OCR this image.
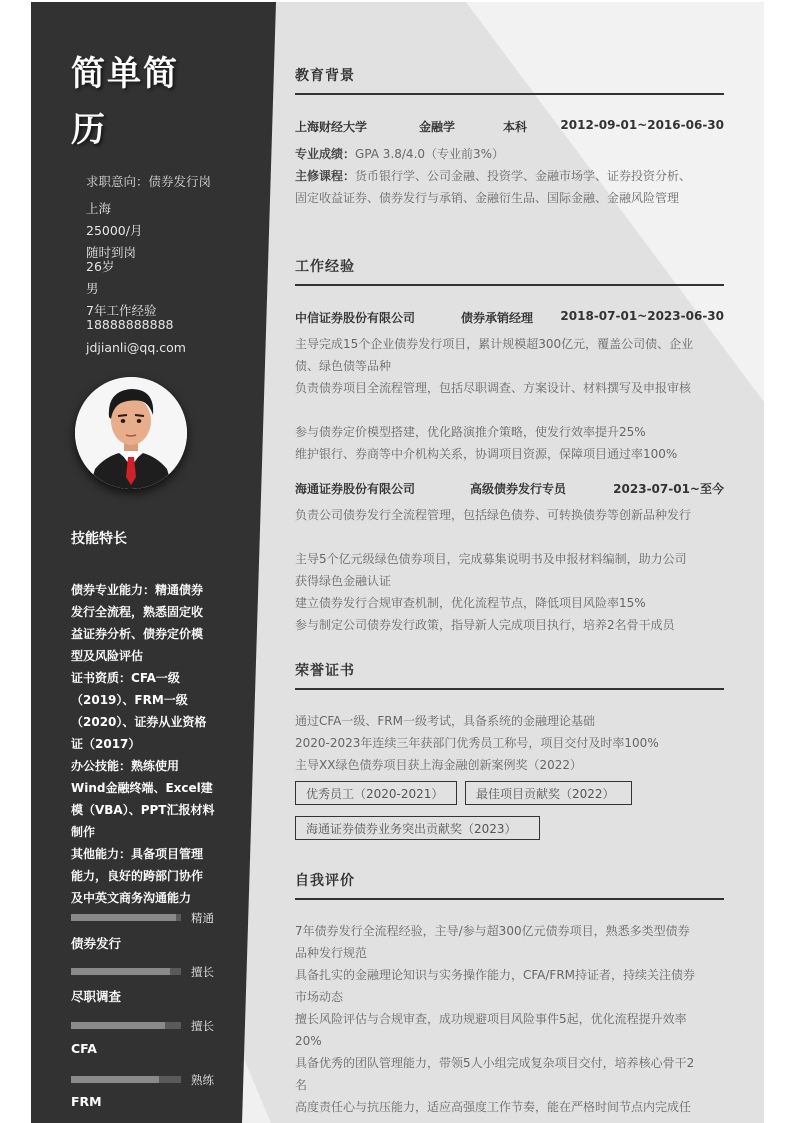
简单简
历
求职意向：债券发行岗
上海
25000/月
随时到岗
26岁
男
7年工作经验
18888888888
jdjianli@qq.com
技能特长
债券专业能力：精通债券
发行全流程，熟悉固定收
益证券分析、债券定价模
型及风险评估
证书资质：CFA一级
（2019）、FRM一级
（2020）、证券从业资格
证（2017）
办公技能：熟练使用
Wind金融终端、Excel建
模（VBA）、PPT汇报材料
制作
其他能力：具备项目管理
能力，良好的跨部门协作
及中英文商务沟通能力
精通
债券发行
擅长
尽职调查
擅长
CFA
熟练
FRM
教育背景
上海财经大学	金融学	本科	2012-09-01~2016-06-30
专业成绩：GPA 3.8/4.0（专业前3%）
主修课程：货币银行学、公司金融、投资学、金融市场学、证券投资分析、
固定收益证券、债券发行与承销、金融衍生品、国际金融、金融风险管理
工作经验
中信证券股份有限公司	债券承销经理 2018-07-01~2023-06-30
主导完成15个企业债券发行项目，累计规模超300亿元，覆盖公司债、企业
债、绿色债等品种
负责债券项目全流程管理，包括尽职调查、方案设计、材料撰写及申报审核
参与债券定价模型搭建，优化路演推介策略，使发行效率提升25%
维护银行、券商等中介机构关系，协调项目资源，保障项目通过率100%
海通证券股份有限公司	高级债券发行专员	2023-07-01~至今
负责公司债券发行全流程管理，包括绿色债券、可转换债券等创新品种发行
主导5个亿元级绿色债券项目，完成募集说明书及申报材料编制，助力公司
获得绿色金融认证
建立债券发行合规审查机制，优化流程节点，降低项目风险率15%
参与制定公司债券发行政策，指导新人完成项目执行，培养2名骨干成员
荣誉证书
通过CFA一级、FRM一级考试，具备系统的金融理论基础
2020-2023年连续三年获部门优秀员工称号，项目交付及时率100%
主导XX绿色债券项目获上海金融创新案例奖（2022）
优秀员工（2020-2021）	最佳项目贡献奖（2022）
海通证券债券业务突出贡献奖（2023）
自我评价
7年债券发行全流程经验，主导/参与超300亿元债券项目，熟悉多类型债券
品种发行规范
具备扎实的金融理论知识与实务操作能力，CFA/FRM持证者，持续关注债券
市场动态
擅长风险评估与合规审查，成功规避项目风险事件5起，优化流程提升效率
20%
具备优秀的团队管理能力，带领5人小组完成复杂项目交付，培养核心骨干2
名
高度责任心与抗压能力，适应高强度工作节奏，能在严格时间节点内完成任
